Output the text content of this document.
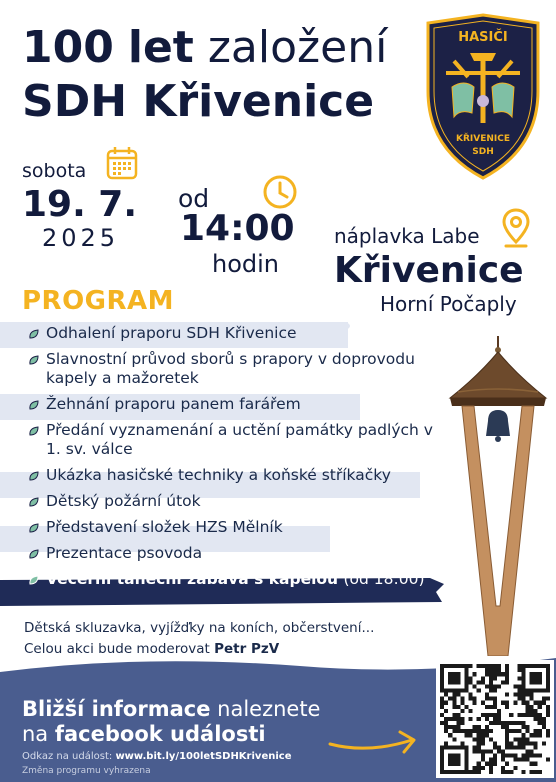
100 let založení
SDH Křivenice
HASIČI
KŘIVENICE
SDH
sobota
19. 7.
2025
od
14:00
hodin
náplavka Labe
Křivenice
Horní Počaply
PROGRAM
Odhalení praporu SDH Křivenice
Slavnostní průvod sborů s prapory v doprovodu kapely a mažoretek
Žehnání praporu panem farářem
Předání vyznamenání a uctění památky padlých v 1. sv. válce
Ukázka hasičské techniky a koňské stříkačky
Dětský požární útok
Představení složek HZS Mělník
Prezentace psovoda
Večerní taneční zábava s kapelou (od 18:00)
Dětská skluzavka, vyjížďky na koních, občerstvení...
Celou akci bude moderovat Petr PzV
Bližší informace naleznete
na facebook události
Odkaz na událost: www.bit.ly/100letSDHKrivenice
Změna programu vyhrazena
